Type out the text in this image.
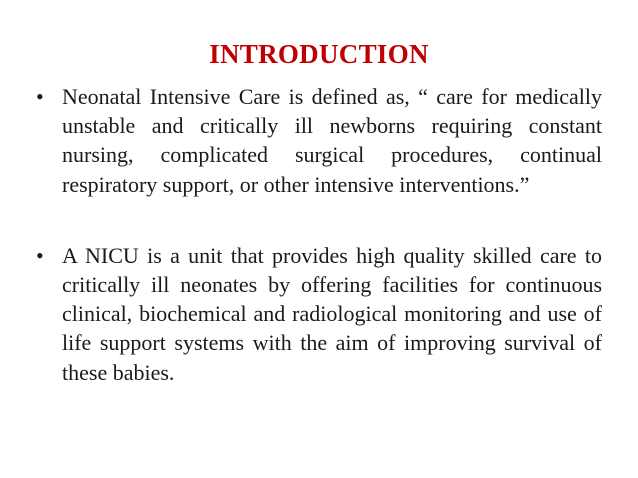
INTRODUCTION
• Neonatal Intensive Care is defined as, “ care for medically unstable and critically ill newborns requiring constant nursing, complicated surgical procedures, continual respiratory support, or other intensive interventions.”
• A NICU is a unit that provides high quality skilled care to critically ill neonates by offering facilities for continuous clinical, biochemical and radiological monitoring and use of life support systems with the aim of improving survival of these babies.
